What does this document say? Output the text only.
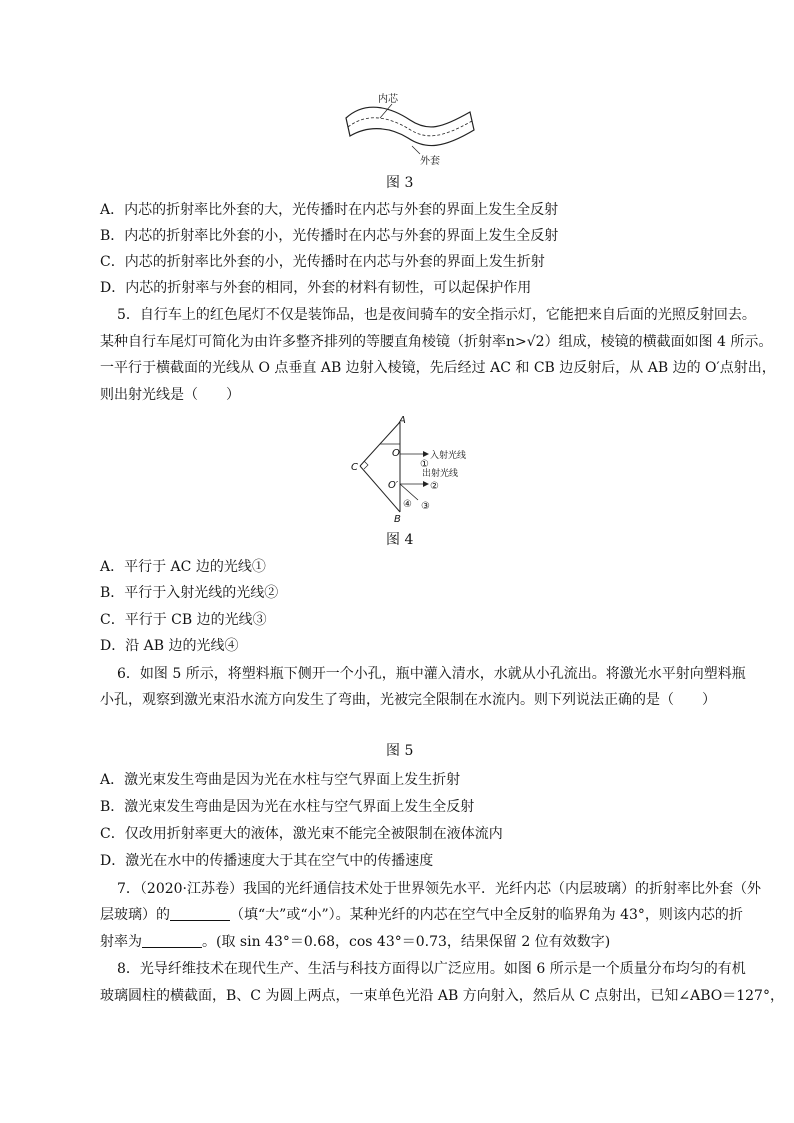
内芯
外套
图 3
A．内芯的折射率比外套的大，光传播时在内芯与外套的界面上发生全反射
B．内芯的折射率比外套的小，光传播时在内芯与外套的界面上发生全反射
C．内芯的折射率比外套的小，光传播时在内芯与外套的界面上发生折射
D．内芯的折射率与外套的相同，外套的材料有韧性，可以起保护作用
5．自行车上的红色尾灯不仅是装饰品，也是夜间骑车的安全指示灯，它能把来自后面的光照反射回去。
某种自行车尾灯可简化为由许多整齐排列的等腰直角棱镜（折射率n>√2）组成，棱镜的横截面如图 4 所示。
一平行于横截面的光线从 O 点垂直 AB 边射入棱镜，先后经过 AC 和 CB 边反射后，从 AB 边的 O′点射出，
则出射光线是（　　）
A
B
C
O
O′
入射光线
出射光线
①
②
③
④
图 4
A．平行于 AC 边的光线①
B．平行于入射光线的光线②
C．平行于 CB 边的光线③
D．沿 AB 边的光线④
6．如图 5 所示，将塑料瓶下侧开一个小孔，瓶中灌入清水，水就从小孔流出。将激光水平射向塑料瓶
小孔，观察到激光束沿水流方向发生了弯曲，光被完全限制在水流内。则下列说法正确的是（　　）
图 5
A．激光束发生弯曲是因为光在水柱与空气界面上发生折射
B．激光束发生弯曲是因为光在水柱与空气界面上发生全反射
C．仅改用折射率更大的液体，激光束不能完全被限制在液体流内
D．激光在水中的传播速度大于其在空气中的传播速度
7．（2020·江苏卷）我国的光纤通信技术处于世界领先水平．光纤内芯（内层玻璃）的折射率比外套（外
层玻璃）的	（填“大”或“小”）。某种光纤的内芯在空气中全反射的临界角为 43°，则该内芯的折
射率为	。(取 sin 43°＝0.68，cos 43°＝0.73，结果保留 2 位有效数字)
8．光导纤维技术在现代生产、生活与科技方面得以广泛应用。如图 6 所示是一个质量分布均匀的有机
玻璃圆柱的横截面，B、C 为圆上两点，一束单色光沿 AB 方向射入，然后从 C 点射出，已知∠ABO＝127°，
